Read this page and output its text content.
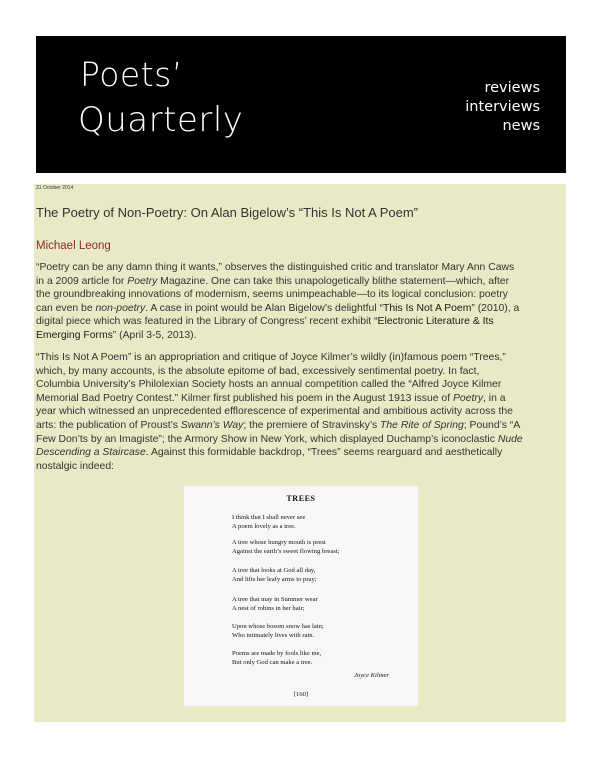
Poets’
Quarterly
reviews
interviews
news
31 October 2014
The Poetry of Non-Poetry: On Alan Bigelow’s “This Is Not A Poem”
Michael Leong

“Poetry can be any damn thing it wants,” observes the distinguished critic and translator Mary Ann Caws
in a 2009 article for Poetry Magazine. One can take this unapologetically blithe statement—which, after
the groundbreaking innovations of modernism, seems unimpeachable—to its logical conclusion: poetry
can even be non-poetry. A case in point would be Alan Bigelow’s delightful “This Is Not A Poem” (2010), a
digital piece which was featured in the Library of Congress’ recent exhibit “Electronic Literature & Its
Emerging Forms” (April 3-5, 2013).

“This Is Not A Poem” is an appropriation and critique of Joyce Kilmer’s wildly (in)famous poem “Trees,”
which, by many accounts, is the absolute epitome of bad, excessively sentimental poetry. In fact,
Columbia University’s Philolexian Society hosts an annual competition called the “Alfred Joyce Kilmer
Memorial Bad Poetry Contest.” Kilmer first published his poem in the August 1913 issue of Poetry, in a
year which witnessed an unprecedented efflorescence of experimental and ambitious activity across the
arts: the publication of Proust’s Swann’s Way; the premiere of Stravinsky’s The Rite of Spring; Pound’s “A
Few Don’ts by an Imagiste”; the Armory Show in New York, which displayed Duchamp’s iconoclastic Nude
Descending a Staircase. Against this formidable backdrop, “Trees” seems rearguard and aesthetically
nostalgic indeed:

TREES
I think that I shall never see
A poem lovely as a tree.
A tree whose hungry mouth is prest
Against the earth’s sweet flowing breast;
A tree that looks at God all day,
And lifts her leafy arms to pray;
A tree that may in Summer wear
A nest of robins in her hair;
Upon whose bosom snow has lain;
Who intimately lives with rain.
Poems are made by fools like me,
But only God can make a tree.
Joyce Kilmer
[160]
